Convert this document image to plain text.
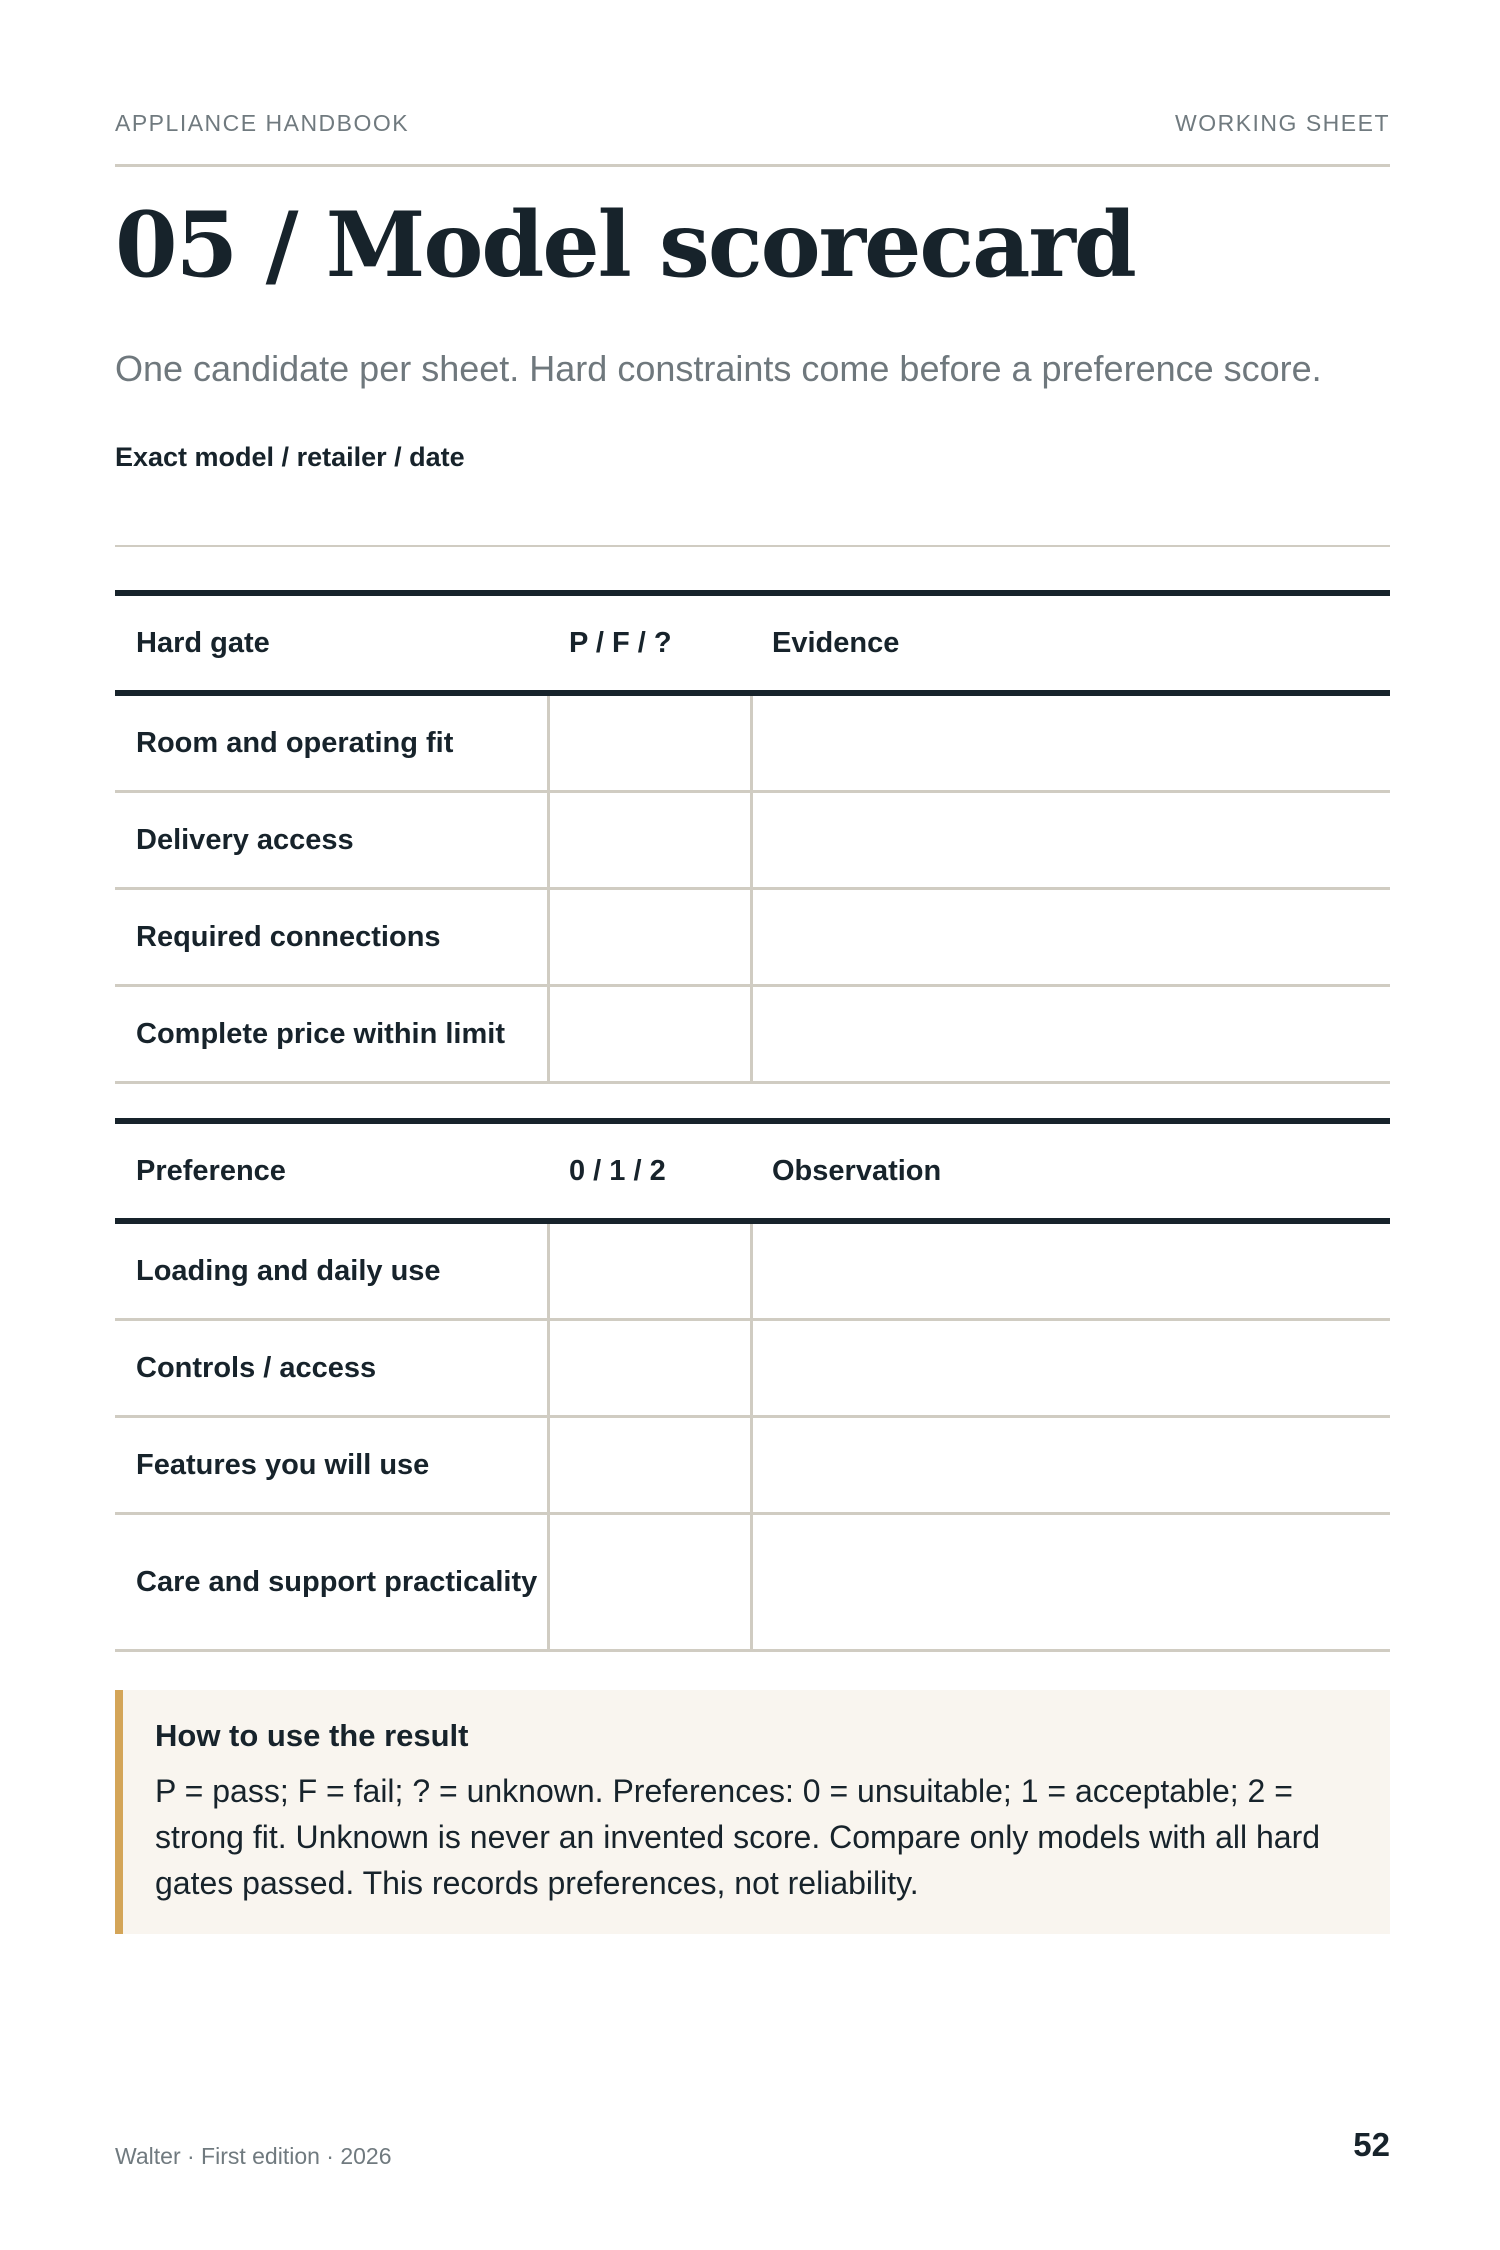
APPLIANCE HANDBOOK	WORKING SHEET
05 / Model scorecard
One candidate per sheet. Hard constraints come before a preference score.
Exact model / retailer / date
Hard gate	P / F / ?	Evidence
Room and operating fit		
Delivery access		
Required connections		
Complete price within limit		
Preference	0 / 1 / 2	Observation
Loading and daily use		
Controls / access		
Features you will use		
Care and support practicality		
How to use the result
P = pass; F = fail; ? = unknown. Preferences: 0 = unsuitable; 1 = acceptable; 2 = strong fit. Unknown is never an invented score. Compare only models with all hard gates passed. This records preferences, not reliability.
Walter · First edition · 2026	52
